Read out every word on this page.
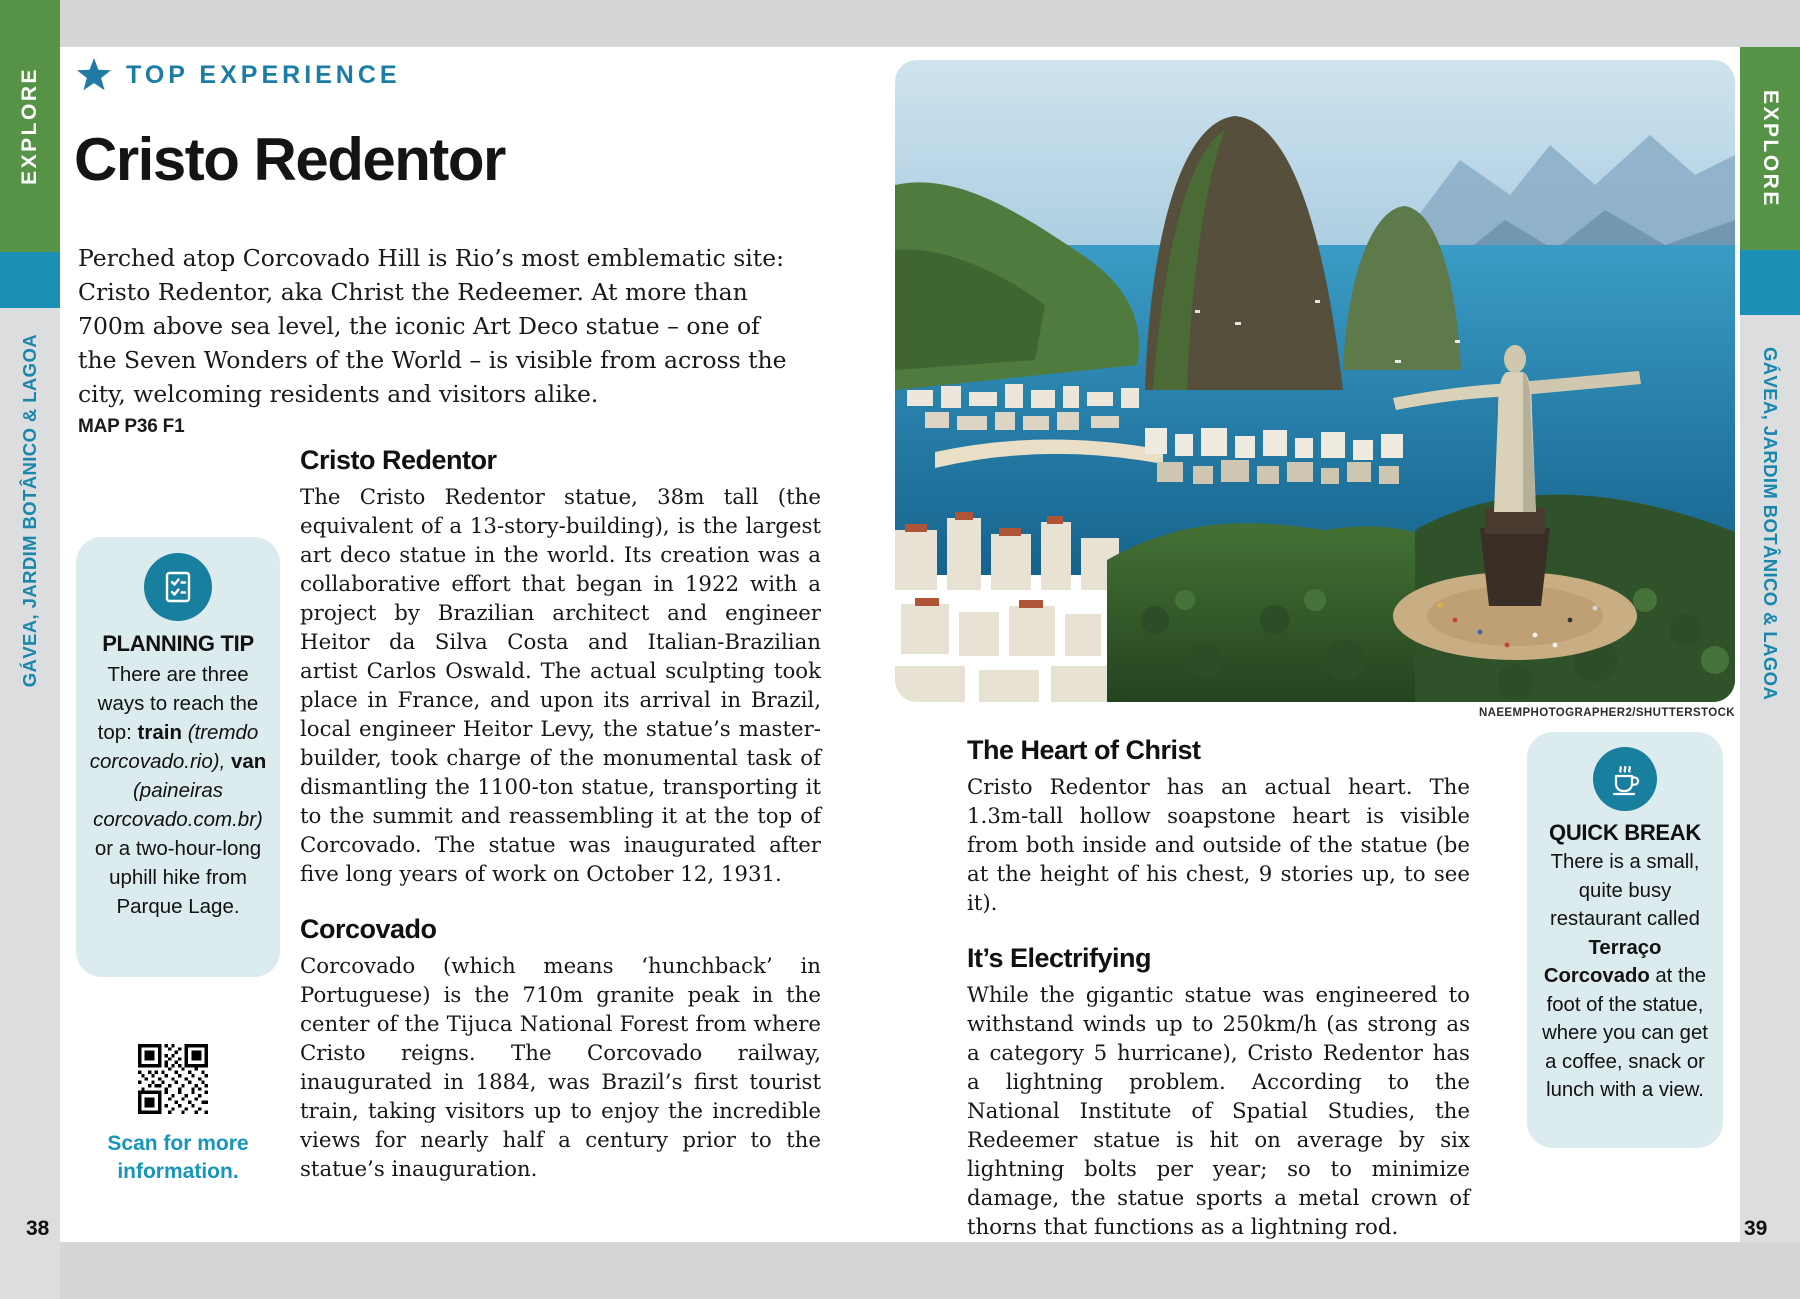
EXPLORE
GÁVEA, JARDIM BOTÂNICO & LAGOA
38
EXPLORE
GÁVEA, JARDIM BOTÂNICO & LAGOA
39
TOP EXPERIENCE
Cristo Redentor
Perched atop Corcovado Hill is Rio’s most emblematic site: Cristo Redentor, aka Christ the Redeemer. At more than 700m above sea level, the iconic Art Deco statue – one of the Seven Wonders of the World – is visible from across the city, welcoming residents and visitors alike.
MAP P36 F1
PLANNING TIP
There are three ways to reach the top: train (tremdo corcovado.rio), van (paineiras corcovado.com.br) or a two-hour-long uphill hike from Parque Lage.
Scan for more information.
Cristo Redentor

The Cristo Redentor statue, 38m tall (the equivalent of a 13-story-building), is the largest art deco statue in the world. Its creation was a collaborative effort that began in 1922 with a project by Brazilian architect and engineer Heitor da Silva Costa and Italian-Brazilian artist Carlos Oswald. The actual sculpting took place in France, and upon its arrival in Brazil, local engineer Heitor Levy, the statue’s master-builder, took charge of the monumental task of dismantling the 1100-ton statue, transporting it to the summit and reassembling it at the top of Corcovado. The statue was inaugurated after five long years of work on October 12, 1931.

Corcovado

Corcovado (which means ‘hunchback’ in Portuguese) is the 710m granite peak in the center of the Tijuca National Forest from where Cristo reigns. The Corcovado railway, inaugurated in 1884, was Brazil’s first tourist train, taking visitors up to enjoy the incredible views for nearly half a century prior to the statue’s inauguration.

NAEEMPHOTOGRAPHER2/SHUTTERSTOCK
The Heart of Christ

Cristo Redentor has an actual heart. The 1.3m-tall hollow soapstone heart is visible from both inside and outside of the statue (be at the height of his chest, 9 stories up, to see it).

It’s Electrifying

While the gigantic statue was engineered to withstand winds up to 250km/h (as strong as a category 5 hurricane), Cristo Redentor has a lightning problem. According to the National Institute of Spatial Studies, the Redeemer statue is hit on average by six lightning bolts per year; so to minimize damage, the statue sports a metal crown of thorns that functions as a lightning rod.

QUICK BREAK
There is a small, quite busy restaurant called Terraço Corcovado at the foot of the statue, where you can get a coffee, snack or lunch with a view.
